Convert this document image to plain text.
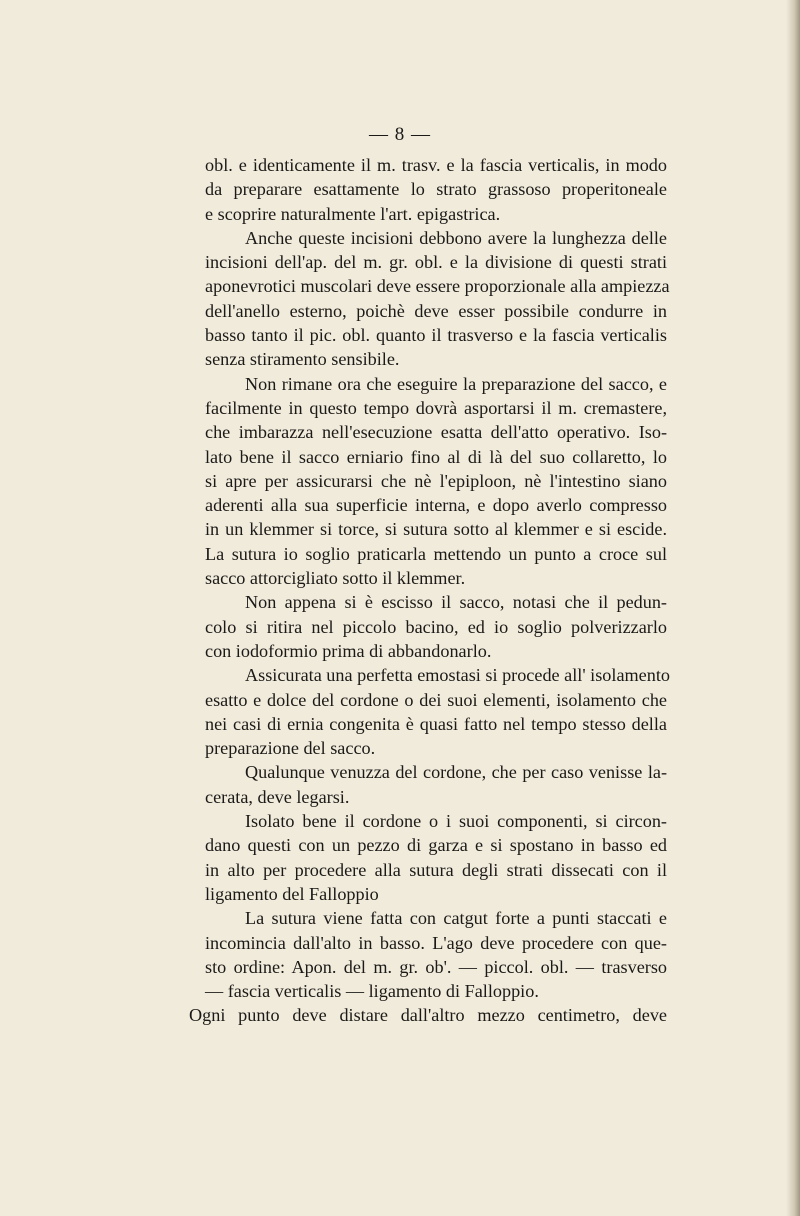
— 8 —
obl. e identicamente il m. trasv. e la fascia verticalis, in modo
da preparare esattamente lo strato grassoso properitoneale
e scoprire naturalmente l'art. epigastrica.
Anche queste incisioni debbono avere la lunghezza delle
incisioni dell'ap. del m. gr. obl. e la divisione di questi strati
aponevrotici muscolari deve essere proporzionale alla ampiezza
dell'anello esterno, poichè deve esser possibile condurre in
basso tanto il pic. obl. quanto il trasverso e la fascia verticalis
senza stiramento sensibile.
Non rimane ora che eseguire la preparazione del sacco, e
facilmente in questo tempo dovrà asportarsi il m. cremastere,
che imbarazza nell'esecuzione esatta dell'atto operativo. Iso-
lato bene il sacco erniario fino al di là del suo collaretto, lo
si apre per assicurarsi che nè l'epiploon, nè l'intestino siano
aderenti alla sua superficie interna, e dopo averlo compresso
in un klemmer si torce, si sutura sotto al klemmer e si escide.
La sutura io soglio praticarla mettendo un punto a croce sul
sacco attorcigliato sotto il klemmer.
Non appena si è escisso il sacco, notasi che il pedun-
colo si ritira nel piccolo bacino, ed io soglio polverizzarlo
con iodoformio prima di abbandonarlo.
Assicurata una perfetta emostasi si procede all' isolamento
esatto e dolce del cordone o dei suoi elementi, isolamento che
nei casi di ernia congenita è quasi fatto nel tempo stesso della
preparazione del sacco.
Qualunque venuzza del cordone, che per caso venisse la-
cerata, deve legarsi.
Isolato bene il cordone o i suoi componenti, si circon-
dano questi con un pezzo di garza e si spostano in basso ed
in alto per procedere alla sutura degli strati dissecati con il
ligamento del Falloppio
La sutura viene fatta con catgut forte a punti staccati e
incomincia dall'alto in basso. L'ago deve procedere con que-
sto ordine: Apon. del m. gr. ob'. — piccol. obl. — trasverso
— fascia verticalis — ligamento di Falloppio.
Ogni punto deve distare dall'altro mezzo centimetro, deve
